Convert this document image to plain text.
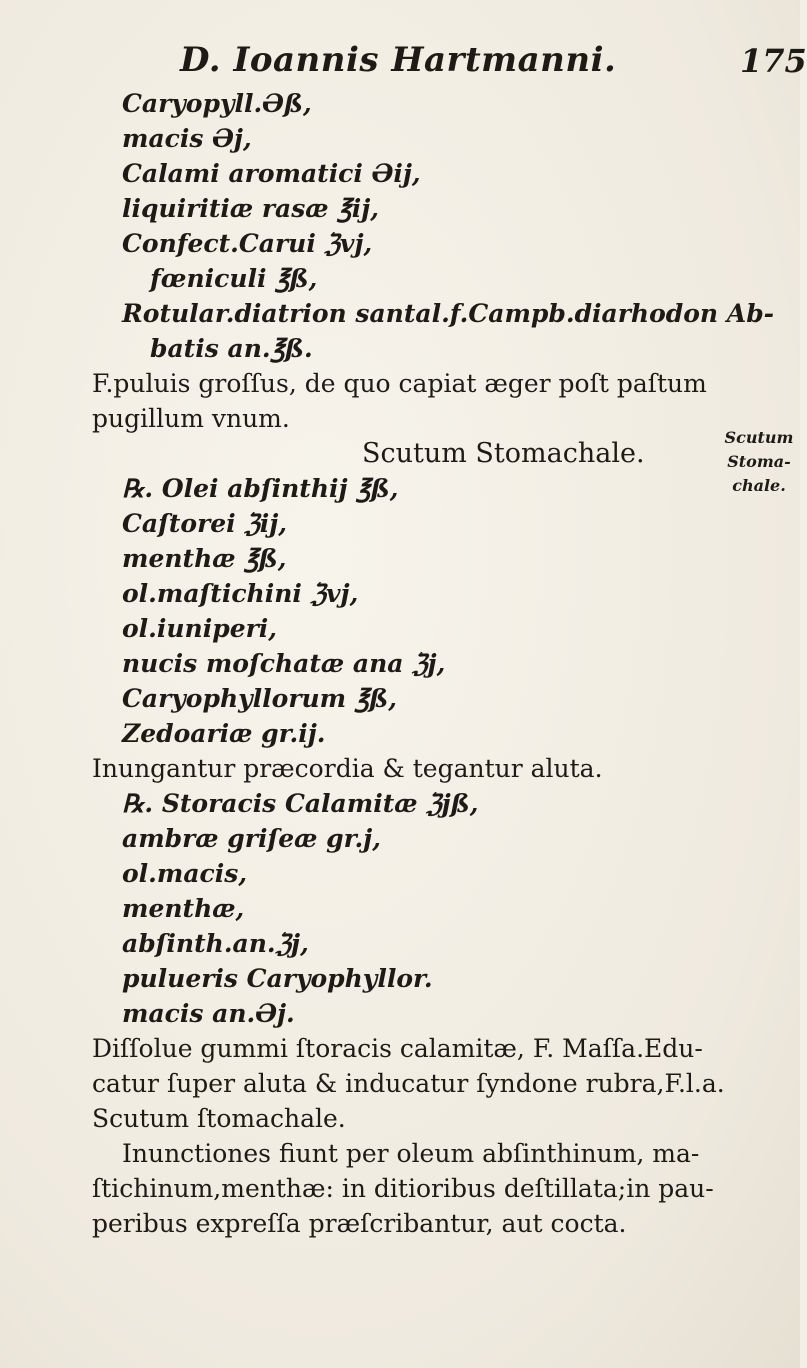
D. Ioannis Hartmanni.	175
Caryopyll.Əß,
macis Əj,
Calami aromatici Əij,
liquiritiæ rasæ ℥ij,
Confect.Carui ℨvj,
fœniculi ℥ß,
Rotular.diatrion santal.f.Campb.diarhodon Ab-
batis an.℥ß.
F.puluis groſſus, de quo capiat æger poſt paſtum
pugillum vnum.
Scutum Stomachale.
℞. Olei abſinthij ℥ß,
Caſtorei ℨij,
menthæ ℥ß,
ol.maſtichini ℨvj,
ol.iuniperi,
nucis moſchatæ ana ℨj,
Caryophyllorum ℥ß,
Zedoariæ gr.ij.
Inungantur præcordia & tegantur aluta.
℞. Storacis Calamitæ ℨjß,
ambræ griſeæ gr.j,
ol.macis,
menthæ,
abſinth.an.ℨj,
pulueris Caryophyllor.
macis an.Əj.
Diſſolue gummi ſtoracis calamitæ, F. Maſſa.Edu-
catur ſuper aluta & inducatur ſyndone rubra,F.l.a.
Scutum ſtomachale.
Inunctiones fiunt per oleum abſinthinum, ma-
ſtichinum,menthæ: in ditioribus deſtillata;in pau-
peribus expreſſa præſcribantur, aut cocta.
Scutum
Stoma-
chale.
